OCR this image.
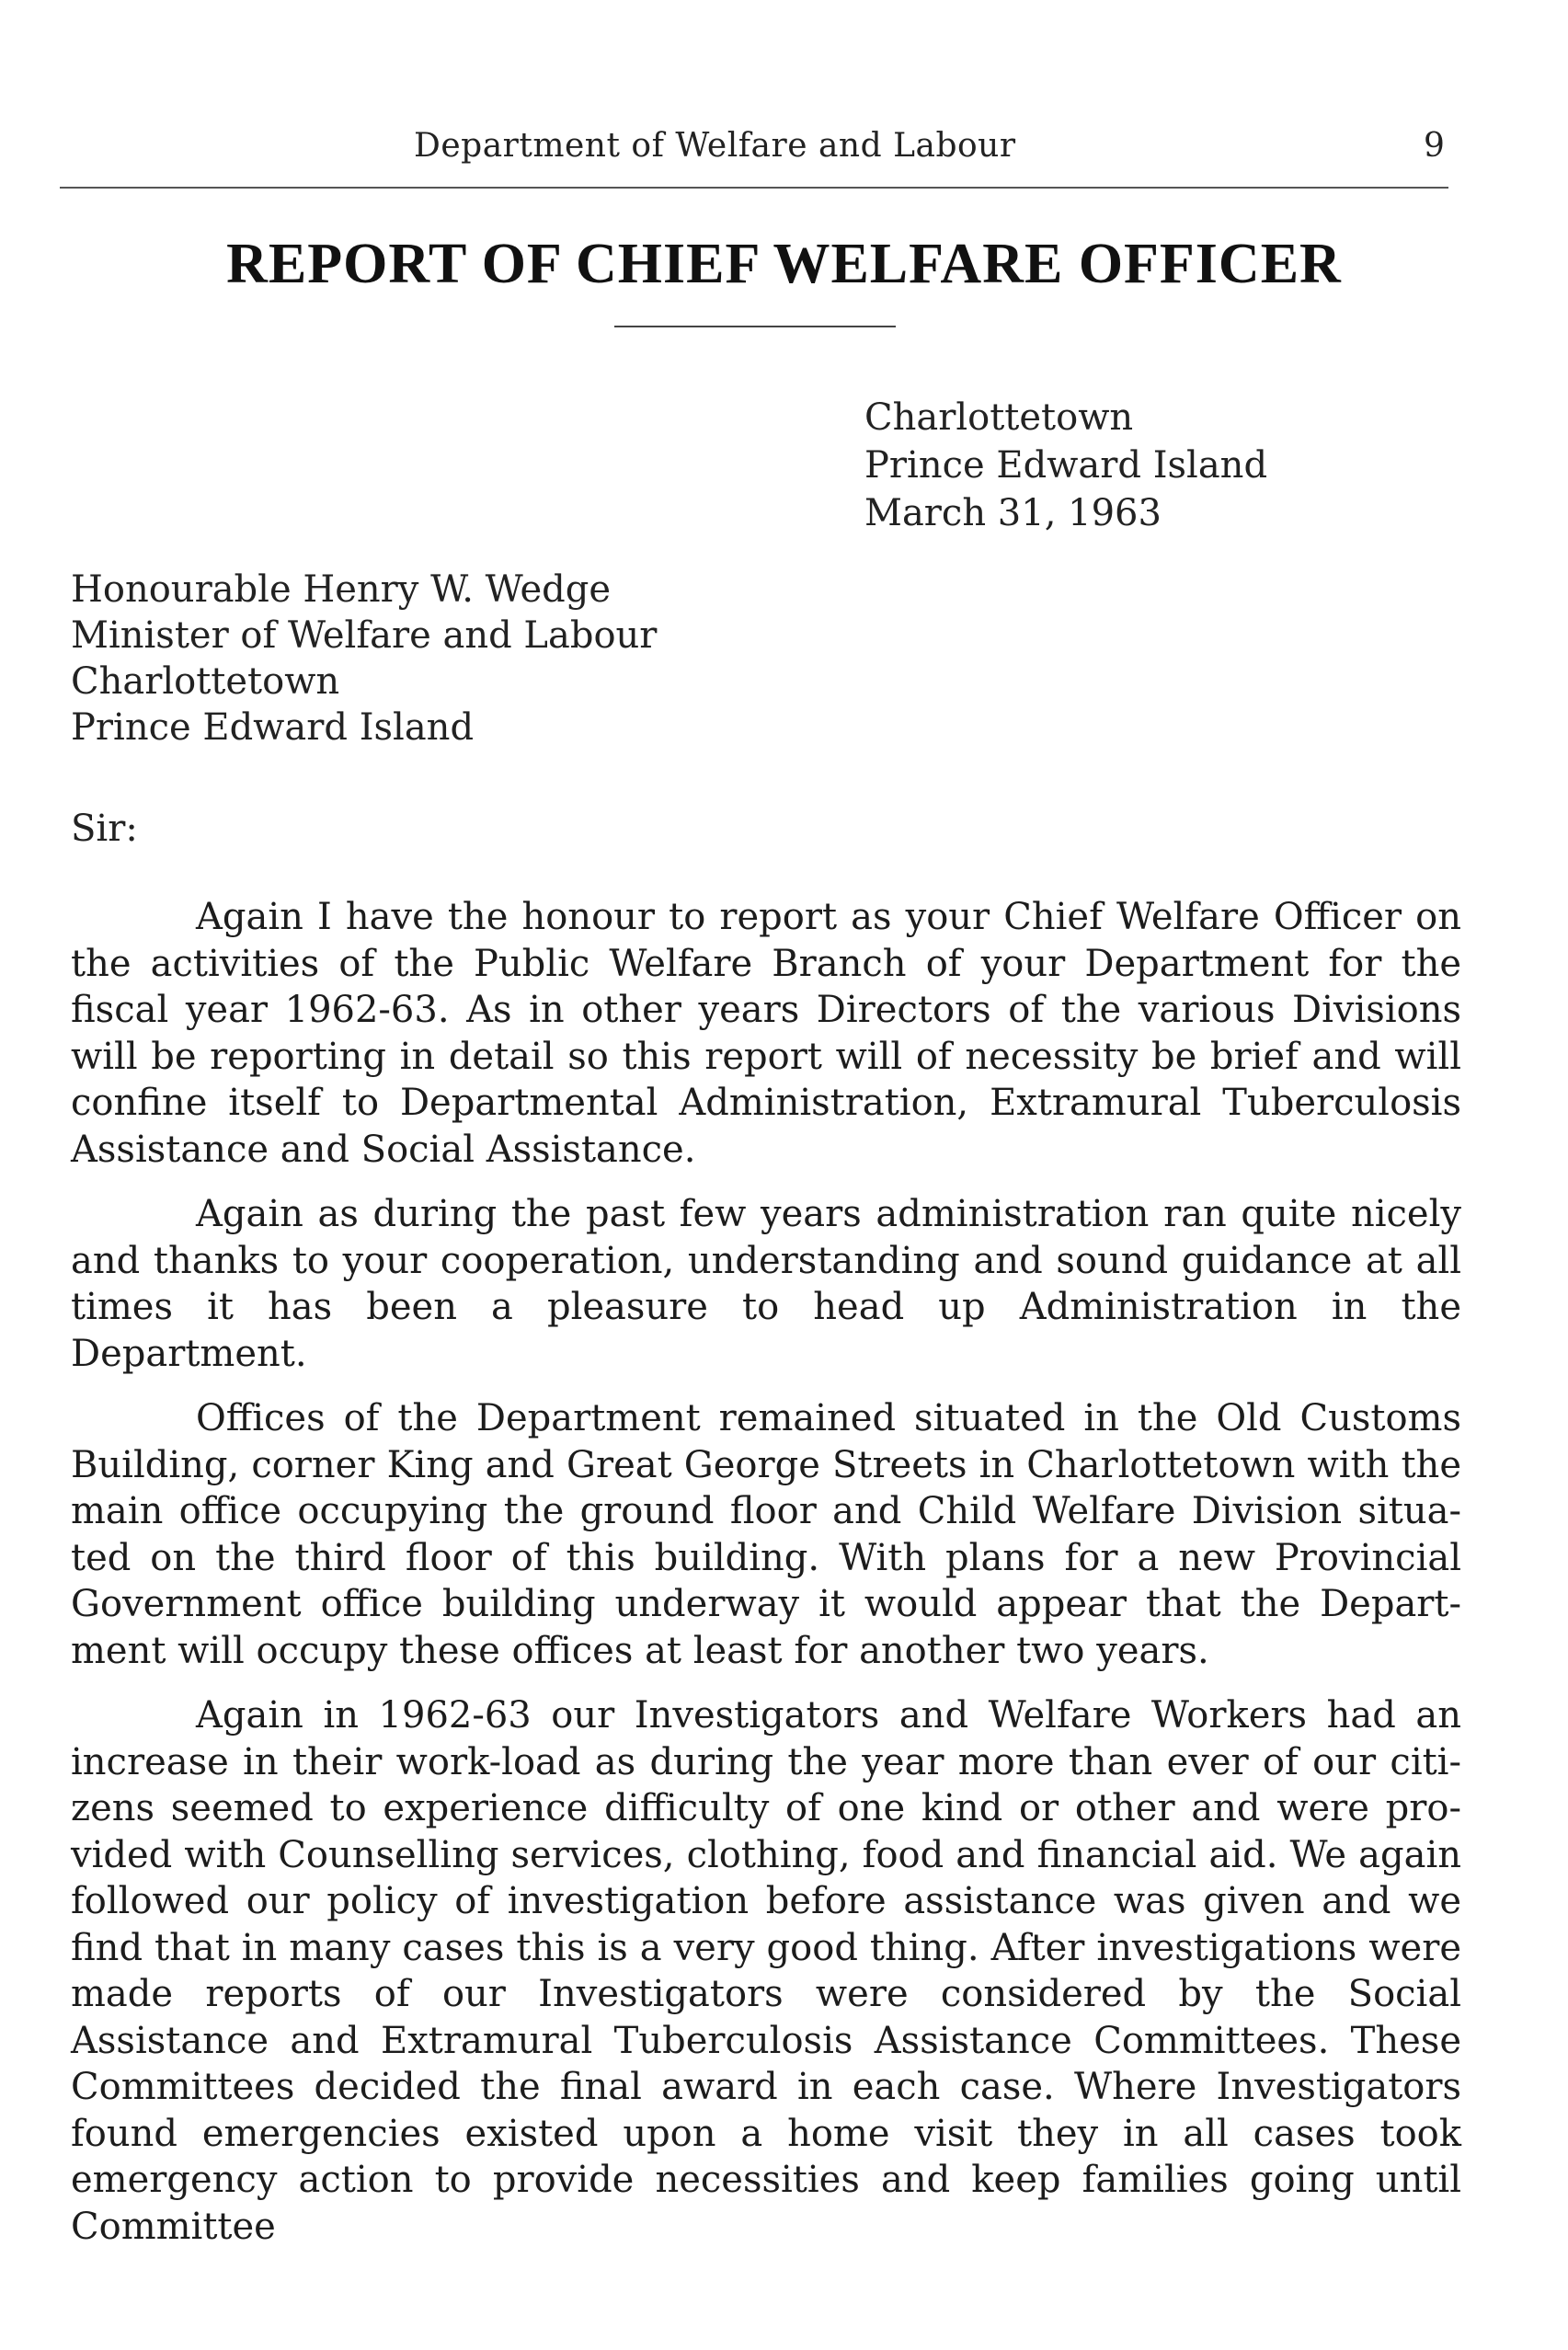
Department of Welfare and Labour	9
REPORT OF CHIEF WELFARE OFFICER
Charlottetown
Prince Edward Island
March 31, 1963
Honourable Henry W. Wedge
Minister of Welfare and Labour
Charlottetown
Prince Edward Island
Sir:

Again I have the honour to report as your Chief Welfare Officer on the activities of the Public Welfare Branch of your Department for the fiscal year 1962-63. As in other years Directors of the various Divisions will be reporting in detail so this report will of necessity be brief and will confine itself to Departmental Administration, Extramural Tuberculosis Assistance and Social Assistance.

Again as during the past few years administration ran quite nicely and thanks to your cooperation, understanding and sound guidance at all times it has been a pleasure to head up Administration in the Department.

Offices of the Department remained situated in the Old Customs Building, corner King and Great George Streets in Charlottetown with the main office occupying the ground floor and Child Welfare Division situated on the third floor of this building. With plans for a new Provincial Government office building underway it would appear that the Department will occupy these offices at least for another two years.

Again in 1962-63 our Investigators and Welfare Workers had an increase in their work-load as during the year more than ever of our citizens seemed to experience difficulty of one kind or other and were provided with Counselling services, clothing, food and financial aid. We again followed our policy of investigation before assistance was given and we find that in many cases this is a very good thing. After investigations were made reports of our Investigators were considered by the Social Assistance and Extramural Tuberculosis Assistance Committees. These Committees decided the final award in each case. Where Investigators found emergencies existed upon a home visit they in all cases took emergency action to provide necessities and keep families going until Committee
